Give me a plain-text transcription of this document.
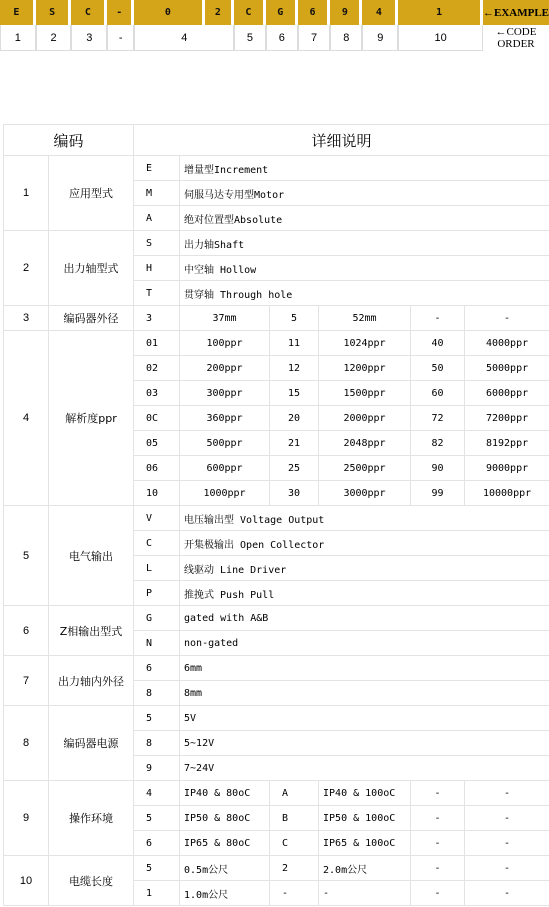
E	S	C	-	0	2	C	G	6	9	4	1	←EXAMPLE
1	2	3	-	4		5	6	7	8	9	10	←CODE ORDER
编码		详细说明					
1	应用型式	E	增量型Increment				
		M	伺服马达专用型Motor				
		A	绝对位置型Absolute				
2	出力轴型式	S	出力轴Shaft				
		H	中空轴 Hollow				
		T	贯穿轴 Through hole				
3	编码器外径	3	37mm	5	52mm	-	-
4	解析度ppr	01	100ppr	11	1024ppr	40	4000ppr
		02	200ppr	12	1200ppr	50	5000ppr
		03	300ppr	15	1500ppr	60	6000ppr
		0C	360ppr	20	2000ppr	72	7200ppr
		05	500ppr	21	2048ppr	82	8192ppr
		06	600ppr	25	2500ppr	90	9000ppr
		10	1000ppr	30	3000ppr	99	10000ppr
5	电气输出	V	电压输出型 Voltage Output				
		C	开集极输出 Open Collector				
		L	线驱动 Line Driver				
		P	推挽式 Push Pull				
6	Z相输出型式	G	gated with A&B				
		N	non-gated				
7	出力轴内外径	6	6mm				
		8	8mm				
8	编码器电源	5	5V				
		8	5~12V				
		9	7~24V				
9	操作环境	4	IP40 & 80oC	A	IP40 & 100oC	-	-
		5	IP50 & 80oC	B	IP50 & 100oC	-	-
		6	IP65 & 80oC	C	IP65 & 100oC	-	-
10	电缆长度	5	0.5m公尺	2	2.0m公尺	-	-
		1	1.0m公尺	-	-	-	-
